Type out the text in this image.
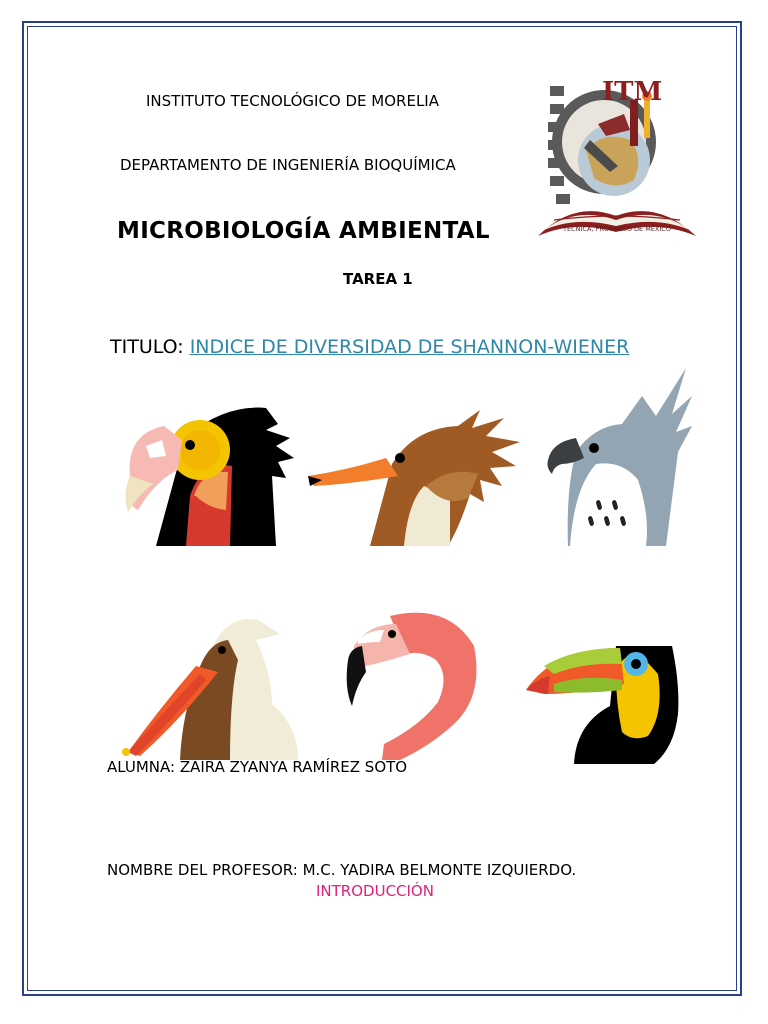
INSTITUTO TECNOLÓGICO DE MORELIA
DEPARTAMENTO DE INGENIERÍA BIOQUÍMICA
MICROBIOLOGÍA AMBIENTAL
TAREA 1
TITULO: INDICE DE DIVERSIDAD DE SHANNON-WIENER
ITM
TÉCNICA, PROGRESO DE MÉXICO
ALUMNA: ZAIRA ZYANYA RAMÍREZ SOTO
NOMBRE DEL PROFESOR: M.C. YADIRA BELMONTE IZQUIERDO.
INTRODUCCIÓN
